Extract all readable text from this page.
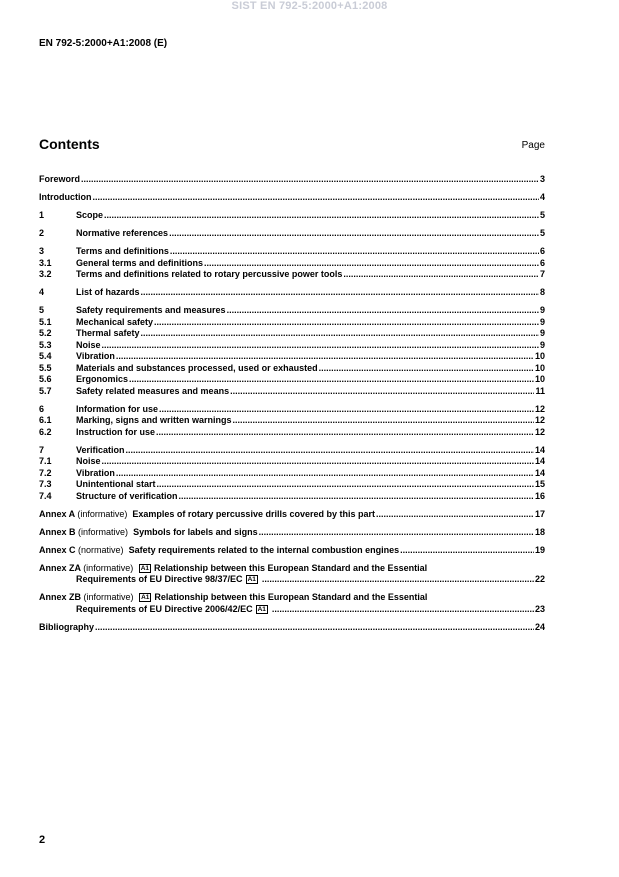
SIST EN 792-5:2000+A1:2008
EN 792-5:2000+A1:2008 (E)
Contents	Page
Foreword .....	3
Introduction .....	4
1	Scope .....	5
2	Normative references .....	5
3	Terms and definitions .....	6
3.1	General terms and definitions .....	6
3.2	Terms and definitions related to rotary percussive power tools .....	7
4	List of hazards .....	8
5	Safety requirements and measures .....	9
5.1	Mechanical safety .....	9
5.2	Thermal safety .....	9
5.3	Noise .....	9
5.4	Vibration .....	10
5.5	Materials and substances processed, used or exhausted .....	10
5.6	Ergonomics .....	10
5.7	Safety related measures and means .....	11
6	Information for use .....	12
6.1	Marking, signs and written warnings .....	12
6.2	Instruction for use .....	12
7	Verification .....	14
7.1	Noise .....	14
7.2	Vibration .....	14
7.3	Unintentional start .....	15
7.4	Structure of verification .....	16
Annex A (informative) Examples of rotary percussive drills covered by this part .....	17
Annex B (informative) Symbols for labels and signs .....	18
Annex C (normative) Safety requirements related to the internal combustion engines .....	19
Annex ZA (informative) A1 Relationship between this European Standard and the Essential
Requirements of EU Directive 98/37/EC A1 .....	22
Annex ZB (informative) A1 Relationship between this European Standard and the Essential
Requirements of EU Directive 2006/42/EC A1 .....	23
Bibliography .....	24
2
